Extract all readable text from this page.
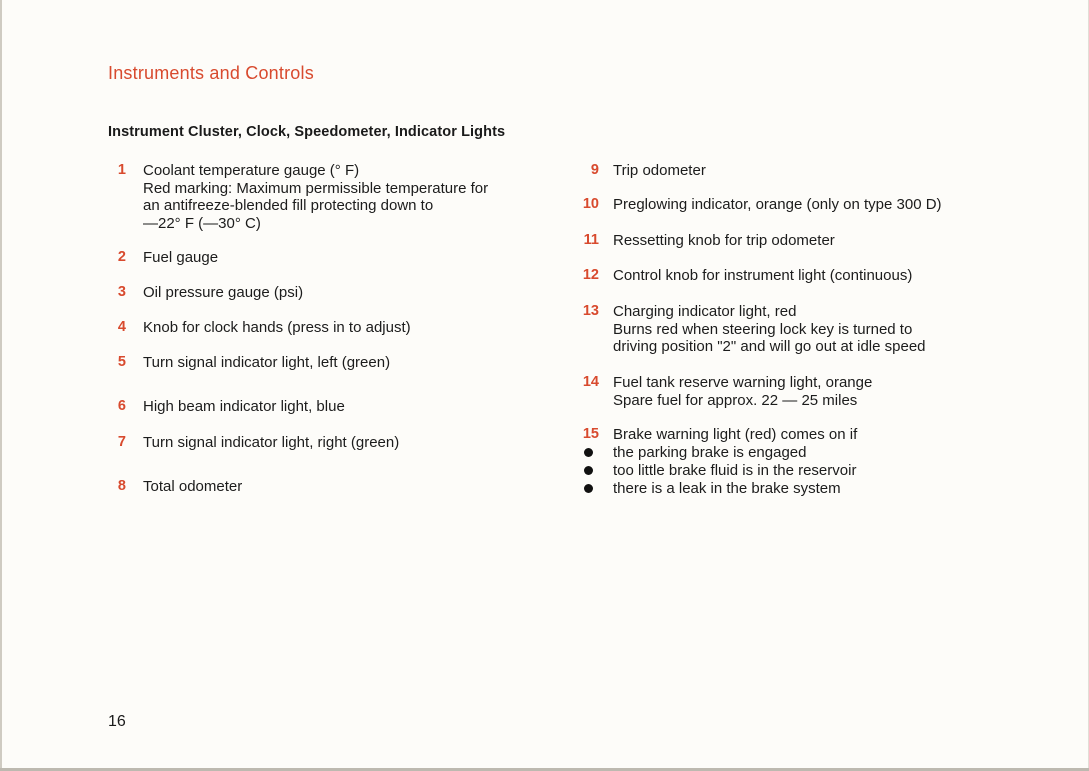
Instruments and Controls
Instrument Cluster, Clock, Speedometer, Indicator Lights
1 Coolant temperature gauge (° F)
Red marking: Maximum permissible temperature for
an antifreeze-blended fill protecting down to
—22° F (—30° C)
2 Fuel gauge
3 Oil pressure gauge (psi)
4 Knob for clock hands (press in to adjust)
5 Turn signal indicator light, left (green)
6 High beam indicator light, blue
7 Turn signal indicator light, right (green)
8 Total odometer
9 Trip odometer
10 Preglowing indicator, orange (only on type 300 D)
11 Ressetting knob for trip odometer
12 Control knob for instrument light (continuous)
13 Charging indicator light, red
Burns red when steering lock key is turned to
driving position "2" and will go out at idle speed
14 Fuel tank reserve warning light, orange
Spare fuel for approx. 22 — 25 miles
15 Brake warning light (red) comes on if
the parking brake is engaged
too little brake fluid is in the reservoir
there is a leak in the brake system
16
